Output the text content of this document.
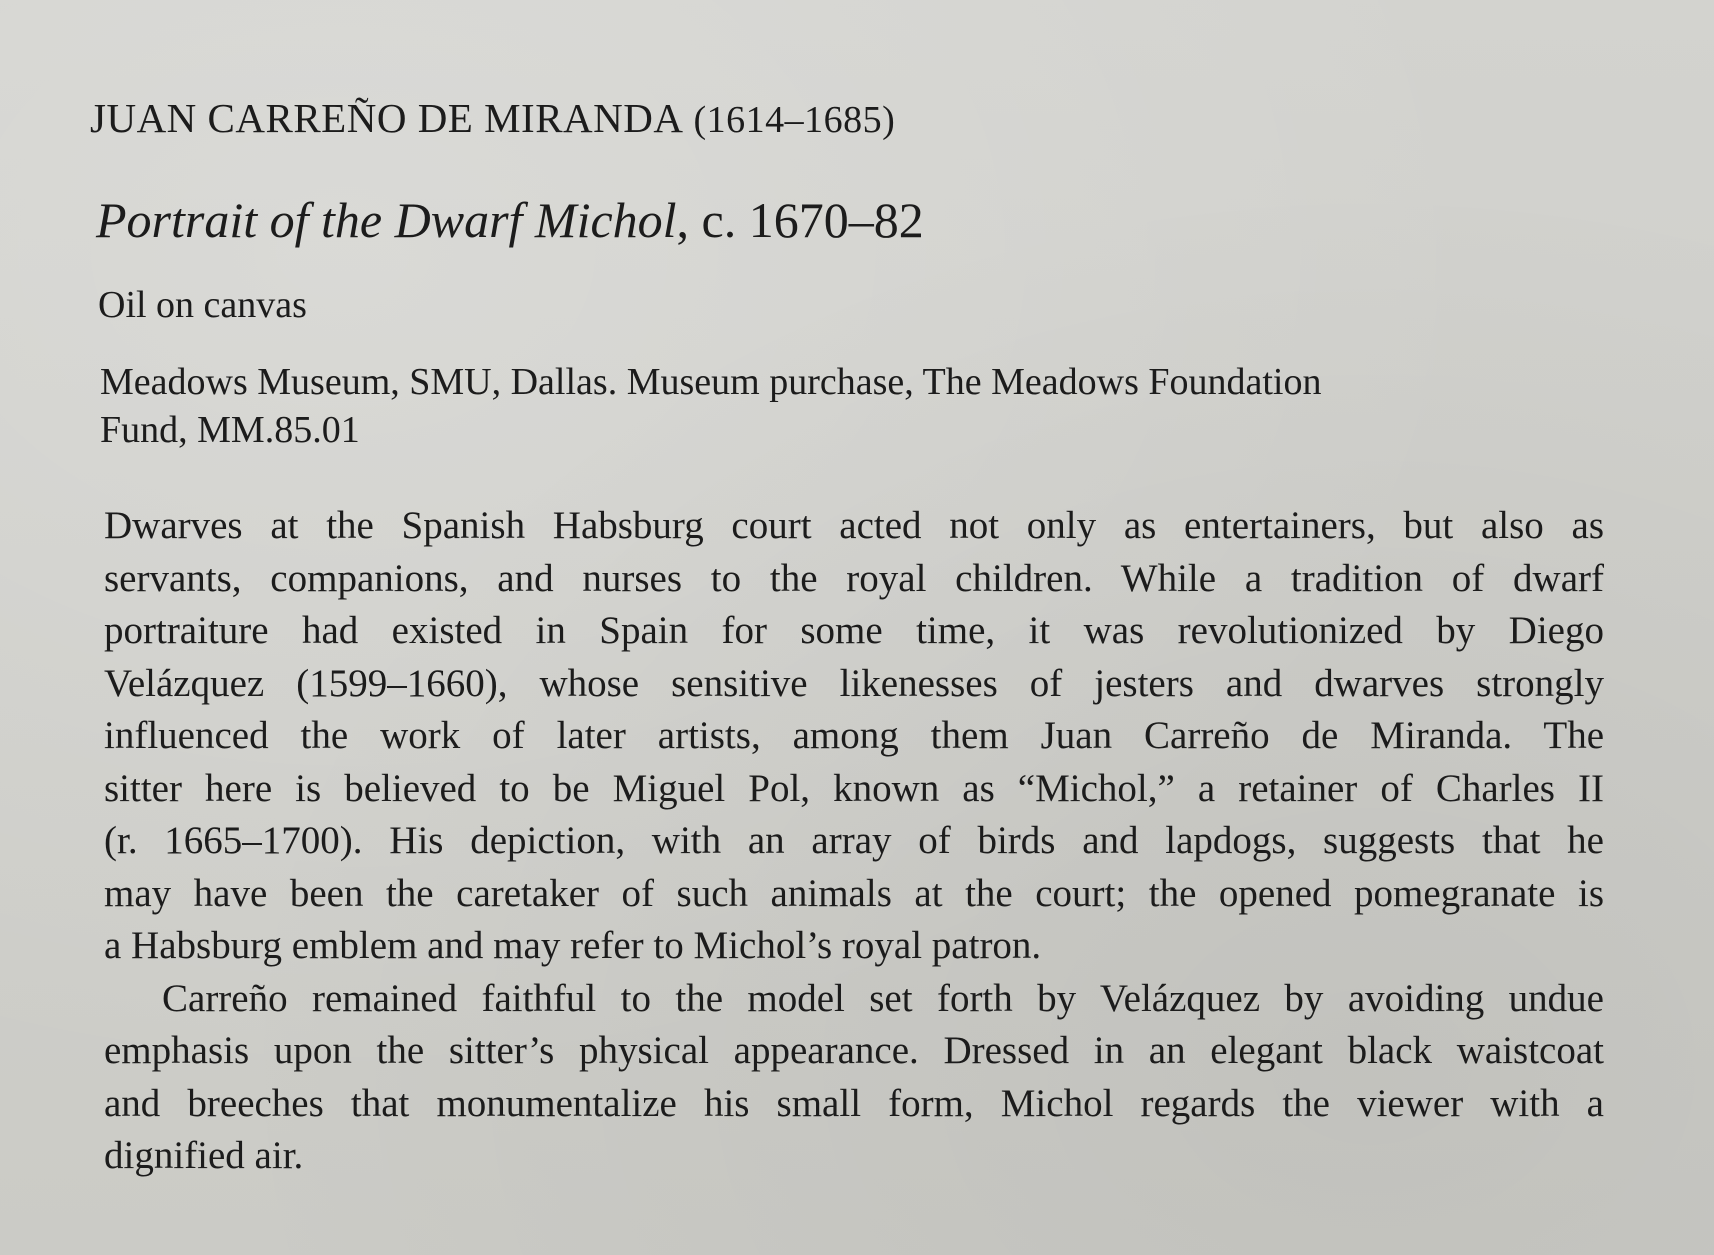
JUAN CARREÑO DE MIRANDA (1614–1685)
Portrait of the Dwarf Michol, c. 1670–82

Oil on canvas

Meadows Museum, SMU, Dallas. Museum purchase, The Meadows Foundation
Fund, MM.85.01

Dwarves at the Spanish Habsburg court acted not only as entertainers, but also as
servants, companions, and nurses to the royal children. While a tradition of dwarf
portraiture had existed in Spain for some time, it was revolutionized by Diego
Velázquez (1599–1660), whose sensitive likenesses of jesters and dwarves strongly
influenced the work of later artists, among them Juan Carreño de Miranda. The
sitter here is believed to be Miguel Pol, known as “Michol,” a retainer of Charles II
(r. 1665–1700). His depiction, with an array of birds and lapdogs, suggests that he
may have been the caretaker of such animals at the court; the opened pomegranate is
a Habsburg emblem and may refer to Michol’s royal patron.
Carreño remained faithful to the model set forth by Velázquez by avoiding undue
emphasis upon the sitter’s physical appearance. Dressed in an elegant black waistcoat
and breeches that monumentalize his small form, Michol regards the viewer with a
dignified air.
